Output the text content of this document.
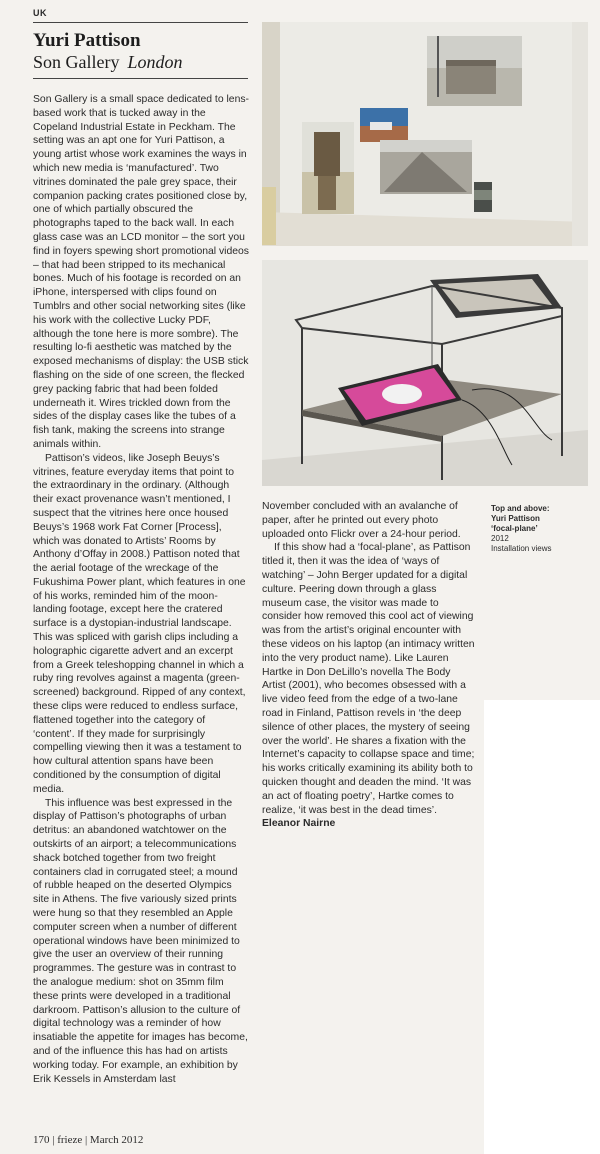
UK
Yuri Pattison
Son Gallery London

Son Gallery is a small space dedicated to lens-based work that is tucked away in the Copeland Industrial Estate in Peckham. The setting was an apt one for Yuri Pattison, a young artist whose work examines the ways in which new media is ‘manufactured’. Two vitrines dominated the pale grey space, their companion packing crates positioned close by, one of which partially obscured the photographs taped to the back wall. In each glass case was an LCD monitor – the sort you find in foyers spewing short promotional videos – that had been stripped to its mechanical bones. Much of his footage is recorded on an iPhone, interspersed with clips found on Tumblrs and other social networking sites (like his work with the collective Lucky PDF, although the tone here is more sombre). The resulting lo-fi aesthetic was matched by the exposed mechanisms of display: the USB stick flashing on the side of one screen, the flecked grey packing fabric that had been folded underneath it. Wires trickled down from the sides of the display cases like the tubes of a fish tank, making the screens into strange animals within.

Pattison’s videos, like Joseph Beuys’s vitrines, feature everyday items that point to the extraordinary in the ordinary. (Although their exact provenance wasn’t mentioned, I suspect that the vitrines here once housed Beuys’s 1968 work Fat Corner [Process], which was donated to Artists’ Rooms by Anthony d’Offay in 2008.) Pattison noted that the aerial footage of the wreckage of the Fukushima Power plant, which features in one of his works, reminded him of the moon-landing footage, except here the cratered surface is a dystopian-industrial landscape. This was spliced with garish clips including a holographic cigarette advert and an excerpt from a Greek teleshopping channel in which a ruby ring revolves against a magenta (green-screened) background. Ripped of any context, these clips were reduced to endless surface, flattened together into the category of ‘content’. If they made for surprisingly compelling viewing then it was a testament to how cultural attention spans have been conditioned by the consumption of digital media.

This influence was best expressed in the display of Pattison’s photographs of urban detritus: an abandoned watchtower on the outskirts of an airport; a telecommunications shack botched together from two freight containers clad in corrugated steel; a mound of rubble heaped on the deserted Olympics site in Athens. The five variously sized prints were hung so that they resembled an Apple computer screen when a number of different operational windows have been minimized to give the user an overview of their running programmes. The gesture was in contrast to the analogue medium: shot on 35mm film these prints were developed in a traditional darkroom. Pattison’s allusion to the culture of digital technology was a reminder of how insatiable the appetite for images has become, and of the influence this has had on artists working today. For example, an exhibition by Erik Kessels in Amsterdam last

November concluded with an avalanche of paper, after he printed out every photo uploaded onto Flickr over a 24-hour period.

If this show had a ‘focal-plane’, as Pattison titled it, then it was the idea of ‘ways of watching’ – John Berger updated for a digital culture. Peering down through a glass museum case, the visitor was made to consider how removed this cool act of viewing was from the artist’s original encounter with these videos on his laptop (an intimacy written into the very product name). Like Lauren Hartke in Don DeLillo’s novella The Body Artist (2001), who becomes obsessed with a live video feed from the edge of a two-lane road in Finland, Pattison revels in ‘the deep silence of other places, the mystery of seeing over the world’. He shares a fixation with the Internet’s capacity to collapse space and time; his works critically examining its ability both to quicken thought and deaden the mind. ‘It was an act of floating poetry’, Hartke comes to realize, ‘it was best in the dead times’.

Eleanor Nairne

Top and above:
Yuri Pattison
‘focal-plane’
2012
Installation views
170 | frieze | March 2012
